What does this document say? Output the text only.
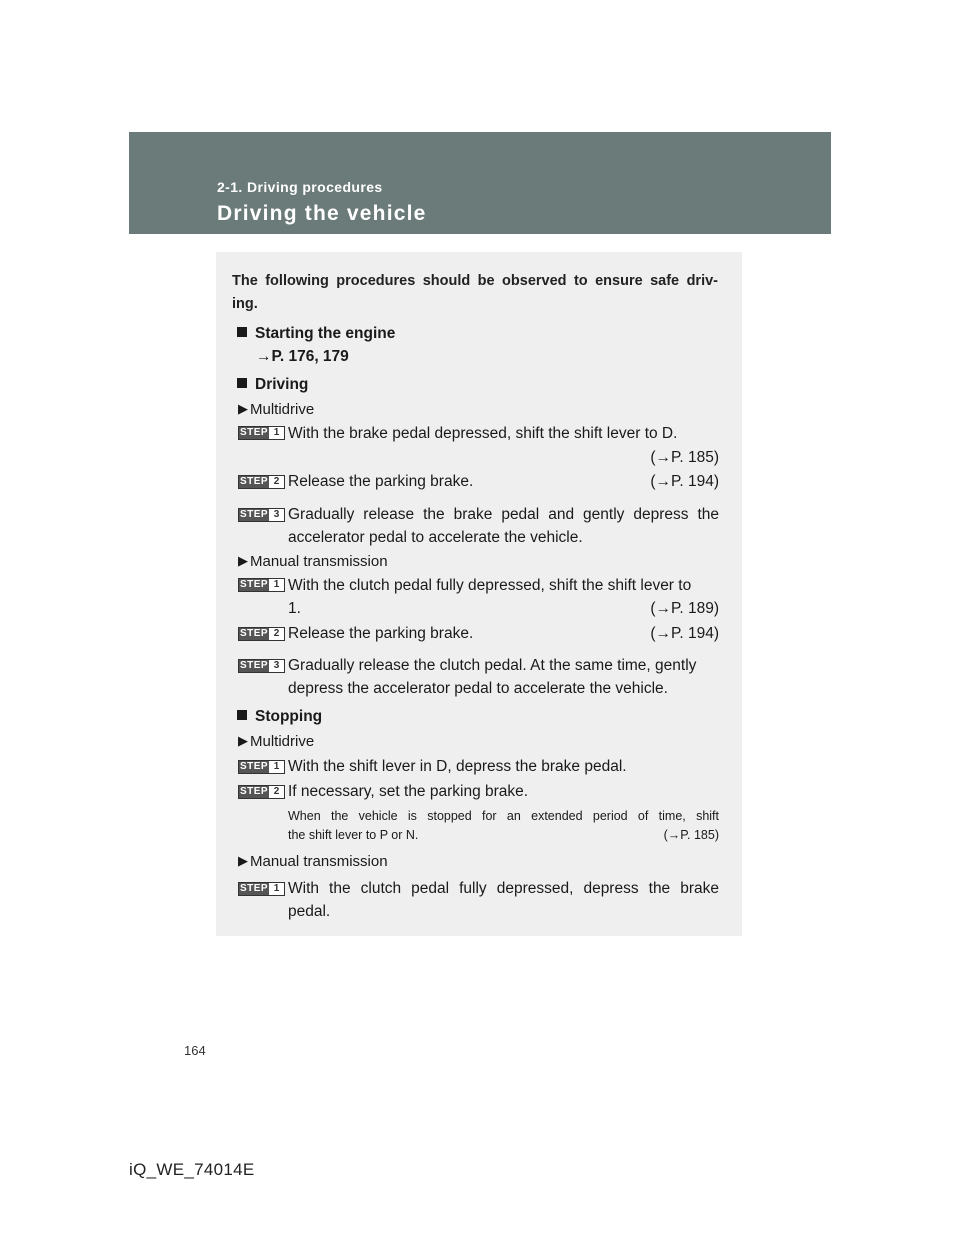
2-1. Driving procedures
Driving the vehicle
The following procedures should be observed to ensure safe driv-
ing.
Starting the engine
→P. 176, 179
Driving
▶ Multidrive
STEP 1 With the brake pedal depressed, shift the shift lever to D.
(→P. 185)
STEP 2 Release the parking brake.	(→P. 194)
STEP 3 Gradually release the brake pedal and gently depress the
accelerator pedal to accelerate the vehicle.
▶ Manual transmission
STEP 1 With the clutch pedal fully depressed, shift the shift lever to
1.	(→P. 189)
STEP 2 Release the parking brake.	(→P. 194)
STEP 3 Gradually release the clutch pedal. At the same time, gently
depress the accelerator pedal to accelerate the vehicle.
Stopping
▶ Multidrive
STEP 1 With the shift lever in D, depress the brake pedal.
STEP 2 If necessary, set the parking brake.
When the vehicle is stopped for an extended period of time, shift
the shift lever to P or N.	(→P. 185)
▶ Manual transmission
STEP 1 With the clutch pedal fully depressed, depress the brake
pedal.
164
iQ_WE_74014E
